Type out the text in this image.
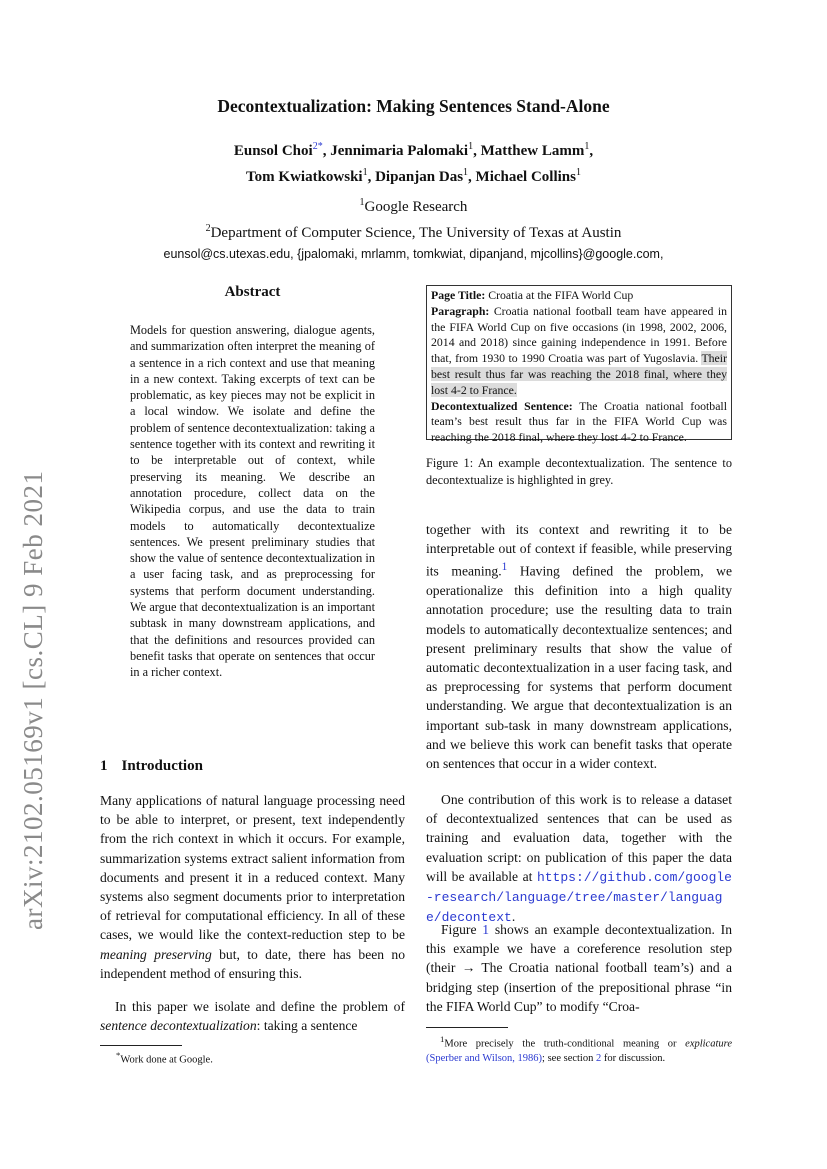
arXiv:2102.05169v1 [cs.CL] 9 Feb 2021
Decontextualization: Making Sentences Stand-Alone
Eunsol Choi$^{2*}$, Jennimaria Palomaki$^1$, Matthew Lamm$^1$,
Tom Kwiatkowski$^1$, Dipanjan Das$^1$, Michael Collins$^1$
$^1$Google Research
$^2$Department of Computer Science, The University of Texas at Austin
eunsol@cs.utexas.edu, {jpalomaki, mrlamm, tomkwiat, dipanjand, mjcollins}@google.com,
Abstract
Models for question answering, dialogue agents, and summarization often interpret the meaning of a sentence in a rich context and use that meaning in a new context. Taking excerpts of text can be problematic, as key pieces may not be explicit in a local window. We isolate and define the problem of sentence decontextualization: taking a sentence together with its context and rewriting it to be interpretable out of context, while preserving its meaning. We describe an annotation procedure, collect data on the Wikipedia corpus, and use the data to train models to automatically decontextualize sentences. We present preliminary studies that show the value of sentence decontextualization in a user facing task, and as preprocessing for systems that perform document understanding. We argue that decontextualization is an important subtask in many downstream applications, and that the definitions and resources provided can benefit tasks that operate on sentences that occur in a richer context.
1 Introduction
Many applications of natural language processing need to be able to interpret, or present, text independently from the rich context in which it occurs. For example, summarization systems extract salient information from documents and present it in a reduced context. Many systems also segment documents prior to interpretation of retrieval for computational efficiency. In all of these cases, we would like the context-reduction step to be meaning preserving but, to date, there has been no independent method of ensuring this.
In this paper we isolate and define the problem of sentence decontextualization: taking a sentence
*Work done at Google.
Page Title: Croatia at the FIFA World Cup
Paragraph: Croatia national football team have appeared in the FIFA World Cup on five occasions (in 1998, 2002, 2006, 2014 and 2018) since gaining independence in 1991. Before that, from 1930 to 1990 Croatia was part of Yugoslavia. Their best result thus far was reaching the 2018 final, where they lost 4-2 to France.
Decontextualized Sentence: The Croatia national football team’s best result thus far in the FIFA World Cup was reaching the 2018 final, where they lost 4-2 to France.
Figure 1: An example decontextualization. The sentence to decontextualize is highlighted in grey.
together with its context and rewriting it to be interpretable out of context if feasible, while preserving its meaning.$^1$ Having defined the problem, we operationalize this definition into a high quality annotation procedure; use the resulting data to train models to automatically decontextualize sentences; and present preliminary results that show the value of automatic decontextualization in a user facing task, and as preprocessing for systems that perform document understanding. We argue that decontextualization is an important sub-task in many downstream applications, and we believe this work can benefit tasks that operate on sentences that occur in a wider context.
One contribution of this work is to release a dataset of decontextualized sentences that can be used as training and evaluation data, together with the evaluation script: on publication of this paper the data will be available at https://github.com/google-research/language/tree/master/language/decontext.
Figure 1 shows an example decontextualization. In this example we have a coreference resolution step (their → The Croatia national football team’s) and a bridging step (insertion of the prepositional phrase “in the FIFA World Cup” to modify “Croa-
$^1$More precisely the truth-conditional meaning or explicature (Sperber and Wilson, 1986); see section 2 for discussion.
